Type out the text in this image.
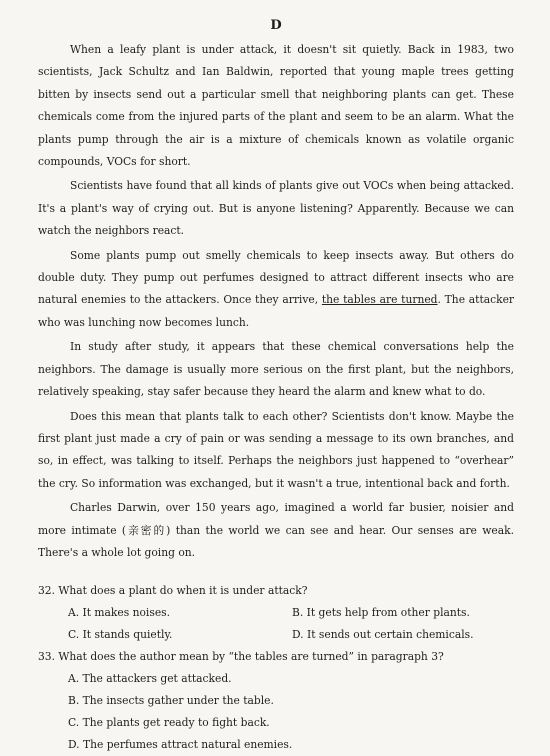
D

When a leafy plant is under attack, it doesn't sit quietly. Back in 1983, two scientists, Jack Schultz and Ian Baldwin, reported that young maple trees getting bitten by insects send out a particular smell that neighboring plants can get. These chemicals come from the injured parts of the plant and seem to be an alarm. What the plants pump through the air is a mixture of chemicals known as volatile organic compounds, VOCs for short.

Scientists have found that all kinds of plants give out VOCs when being attacked. It's a plant's way of crying out. But is anyone listening? Apparently. Because we can watch the neighbors react.

Some plants pump out smelly chemicals to keep insects away. But others do double duty. They pump out perfumes designed to attract different insects who are natural enemies to the attackers. Once they arrive, the tables are turned. The attacker who was lunching now becomes lunch.

In study after study, it appears that these chemical conversations help the neighbors. The damage is usually more serious on the first plant, but the neighbors, relatively speaking, stay safer because they heard the alarm and knew what to do.

Does this mean that plants talk to each other? Scientists don't know. Maybe the first plant just made a cry of pain or was sending a message to its own branches, and so, in effect, was talking to itself. Perhaps the neighbors just happened to “overhear” the cry. So information was exchanged, but it wasn't a true, intentional back and forth.

Charles Darwin, over 150 years ago, imagined a world far busier, noisier and more intimate (亲密的) than the world we can see and hear. Our senses are weak. There's a whole lot going on.

32. What does a plant do when it is under attack?

A. It makes noises.	B. It gets help from other plants.

C. It stands quietly.	D. It sends out certain chemicals.

33. What does the author mean by “the tables are turned” in paragraph 3?

A. The attackers get attacked.

B. The insects gather under the table.

C. The plants get ready to fight back.

D. The perfumes attract natural enemies.
